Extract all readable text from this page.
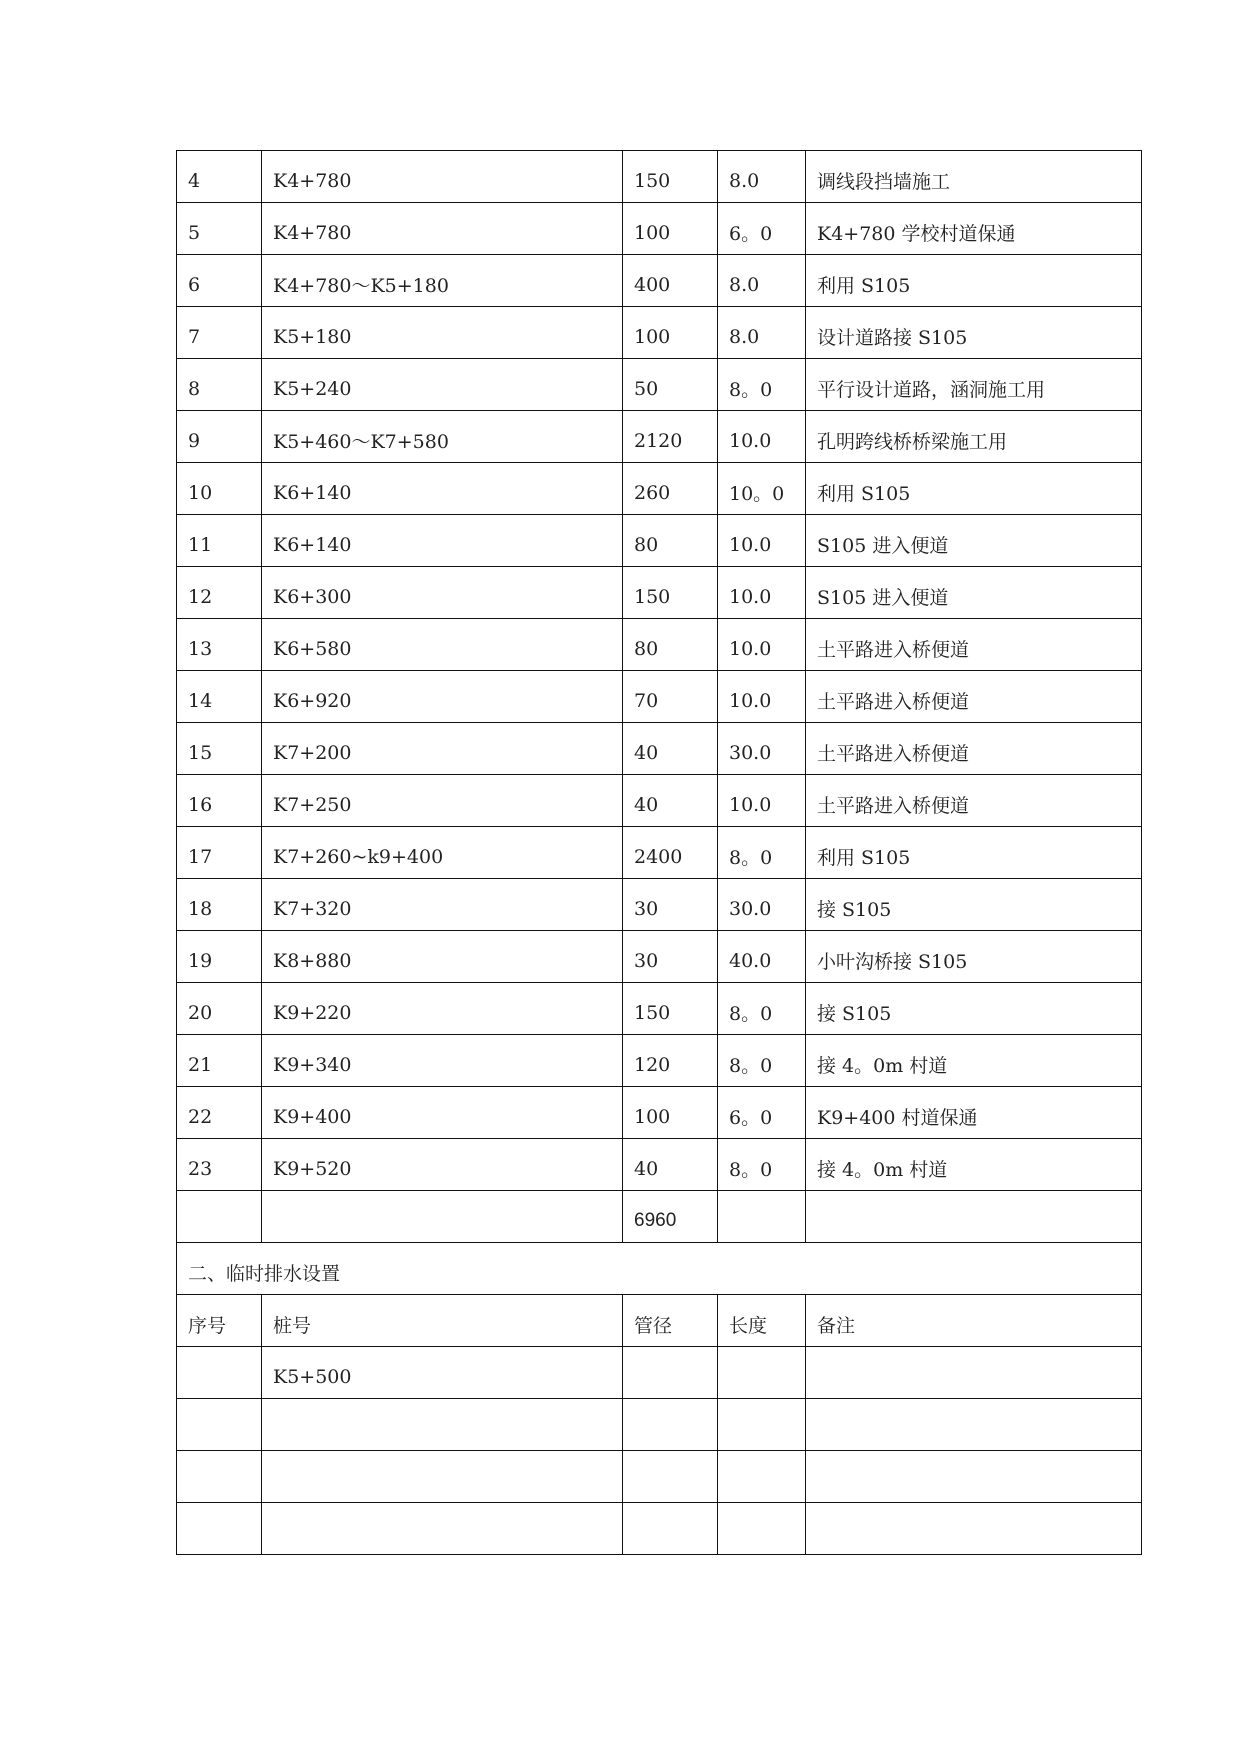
4	K4+780	150	8.0	调线段挡墙施工
5	K4+780	100	6。0	K4+780 学校村道保通
6	K4+780～K5+180	400	8.0	利用 S105
7	K5+180	100	8.0	设计道路接 S105
8	K5+240	50	8。0	平行设计道路，涵洞施工用
9	K5+460～K7+580	2120	10.0	孔明跨线桥桥梁施工用
10	K6+140	260	10。0	利用 S105
11	K6+140	80	10.0	S105 进入便道
12	K6+300	150	10.0	S105 进入便道
13	K6+580	80	10.0	土平路进入桥便道
14	K6+920	70	10.0	土平路进入桥便道
15	K7+200	40	30.0	土平路进入桥便道
16	K7+250	40	10.0	土平路进入桥便道
17	K7+260~k9+400	2400	8。0	利用 S105
18	K7+320	30	30.0	接 S105
19	K8+880	30	40.0	小叶沟桥接 S105
20	K9+220	150	8。0	接 S105
21	K9+340	120	8。0	接 4。0m 村道
22	K9+400	100	6。0	K9+400 村道保通
23	K9+520	40	8。0	接 4。0m 村道
		6960		
二、临时排水设置				
序号	桩号	管径	长度	备注
	K5+500			
